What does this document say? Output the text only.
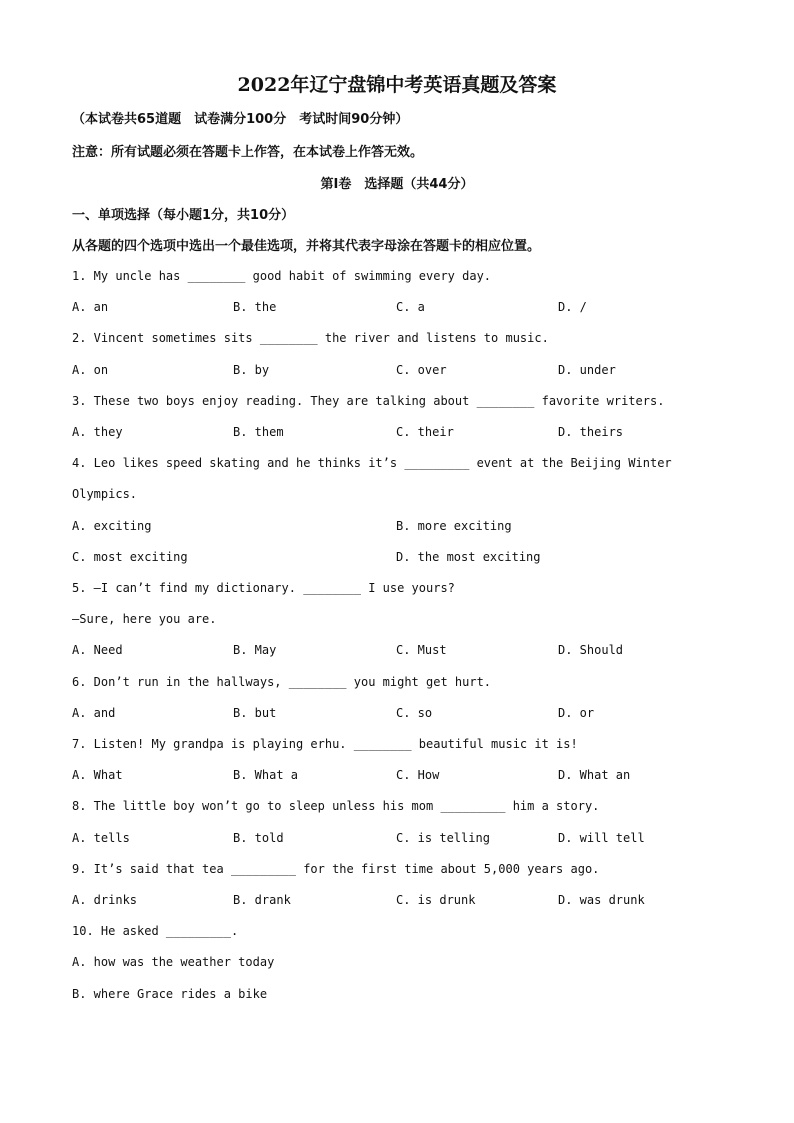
2022年辽宁盘锦中考英语真题及答案
（本试卷共65道题　试卷满分100分　考试时间90分钟）
注意：所有试题必须在答题卡上作答，在本试卷上作答无效。
第Ⅰ卷　选择题（共44分）
一、单项选择（每小题1分，共10分）
从各题的四个选项中选出一个最佳选项，并将其代表字母涂在答题卡的相应位置。
1. My uncle has ________ good habit of swimming every day.
A. an	B. the	C. a	D. /
2. Vincent sometimes sits ________ the river and listens to music.
A. on	B. by	C. over	D. under
3. These two boys enjoy reading. They are talking about ________ favorite writers.
A. they	B. them	C. their	D. theirs
4. Leo likes speed skating and he thinks it’s _________ event at the Beijing Winter
Olympics.
A. exciting	B. more exciting
C. most exciting	D. the most exciting
5. —I can’t find my dictionary. ________ I use yours?
—Sure, here you are.
A. Need	B. May	C. Must	D. Should
6. Don’t run in the hallways, ________ you might get hurt.
A. and	B. but	C. so	D. or
7. Listen! My grandpa is playing erhu. ________ beautiful music it is!
A. What	B. What a	C. How	D. What an
8. The little boy won’t go to sleep unless his mom _________ him a story.
A. tells	B. told	C. is telling	D. will tell
9. It’s said that tea _________ for the first time about 5,000 years ago.
A. drinks	B. drank	C. is drunk	D. was drunk
10. He asked _________.
A. how was the weather today
B. where Grace rides a bike
